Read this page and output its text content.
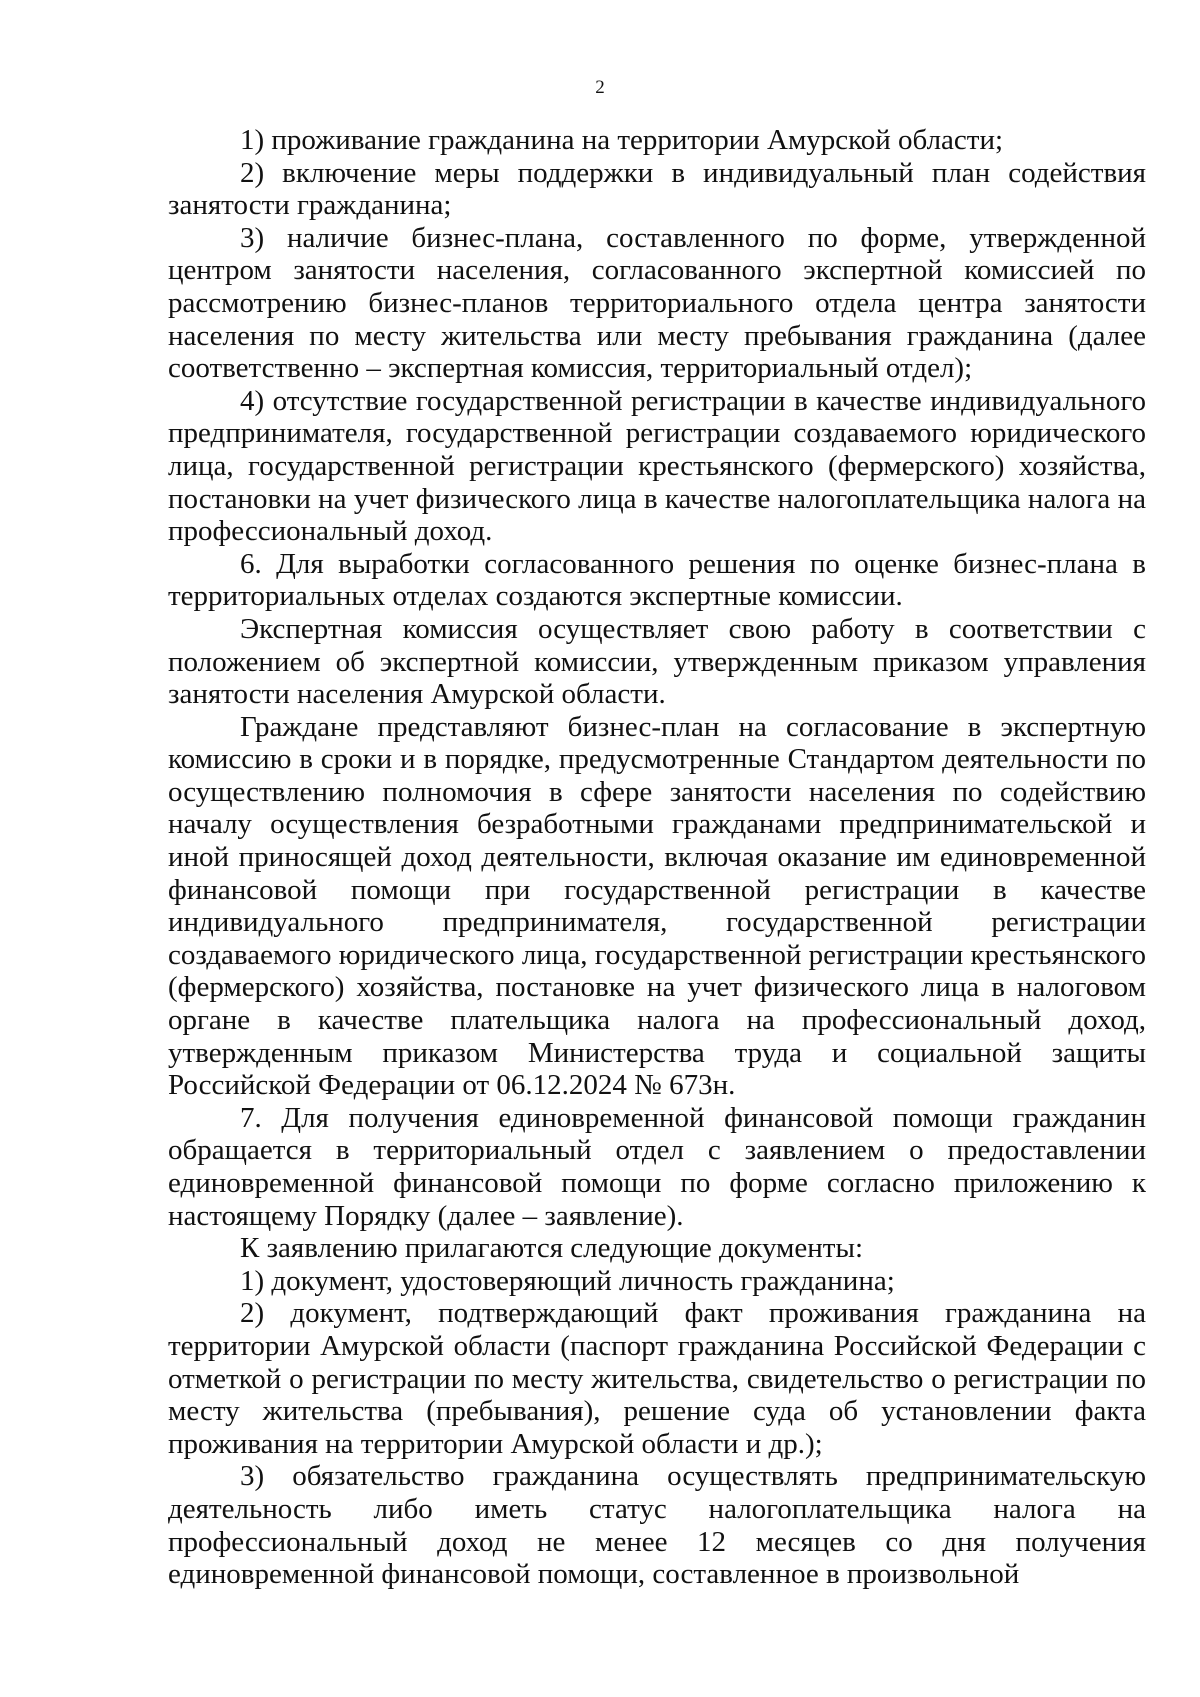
2

1) проживание гражданина на территории Амурской области;

2) включение меры поддержки в индивидуальный план содействия занятости гражданина;

3) наличие бизнес-плана, составленного по форме, утвержденной центром занятости населения, согласованного экспертной комиссией по рассмотрению бизнес-планов территориального отдела центра занятости населения по месту жительства или месту пребывания гражданина (далее соответственно – экспертная комиссия, территориальный отдел);

4) отсутствие государственной регистрации в качестве индивидуального предпринимателя, государственной регистрации создаваемого юридического лица, государственной регистрации крестьянского (фермерского) хозяйства, постановки на учет физического лица в качестве налогоплательщика налога на профессиональный доход.

6. Для выработки согласованного решения по оценке бизнес-плана в территориальных отделах создаются экспертные комиссии.

Экспертная комиссия осуществляет свою работу в соответствии с положением об экспертной комиссии, утвержденным приказом управления занятости населения Амурской области.

Граждане представляют бизнес-план на согласование в экспертную комиссию в сроки и в порядке, предусмотренные Стандартом деятельности по осуществлению полномочия в сфере занятости населения по содействию началу осуществления безработными гражданами предпринимательской и иной приносящей доход деятельности, включая оказание им единовременной финансовой помощи при государственной регистрации в качестве индивидуального предпринимателя, государственной регистрации создаваемого юридического лица, государственной регистрации крестьянского (фермерского) хозяйства, постановке на учет физического лица в налоговом органе в качестве плательщика налога на профессиональный доход, утвержденным приказом Министерства труда и социальной защиты Российской Федерации от 06.12.2024 № 673н.

7. Для получения единовременной финансовой помощи гражданин обращается в территориальный отдел с заявлением о предоставлении единовременной финансовой помощи по форме согласно приложению к настоящему Порядку (далее – заявление).

К заявлению прилагаются следующие документы:

1) документ, удостоверяющий личность гражданина;

2) документ, подтверждающий факт проживания гражданина на территории Амурской области (паспорт гражданина Российской Федерации с отметкой о регистрации по месту жительства, свидетельство о регистрации по месту жительства (пребывания), решение суда об установлении факта проживания на территории Амурской области и др.);

3) обязательство гражданина осуществлять предпринимательскую деятельность либо иметь статус налогоплательщика налога на профессиональный доход не менее 12 месяцев со дня получения единовременной финансовой помощи, составленное в произвольной
